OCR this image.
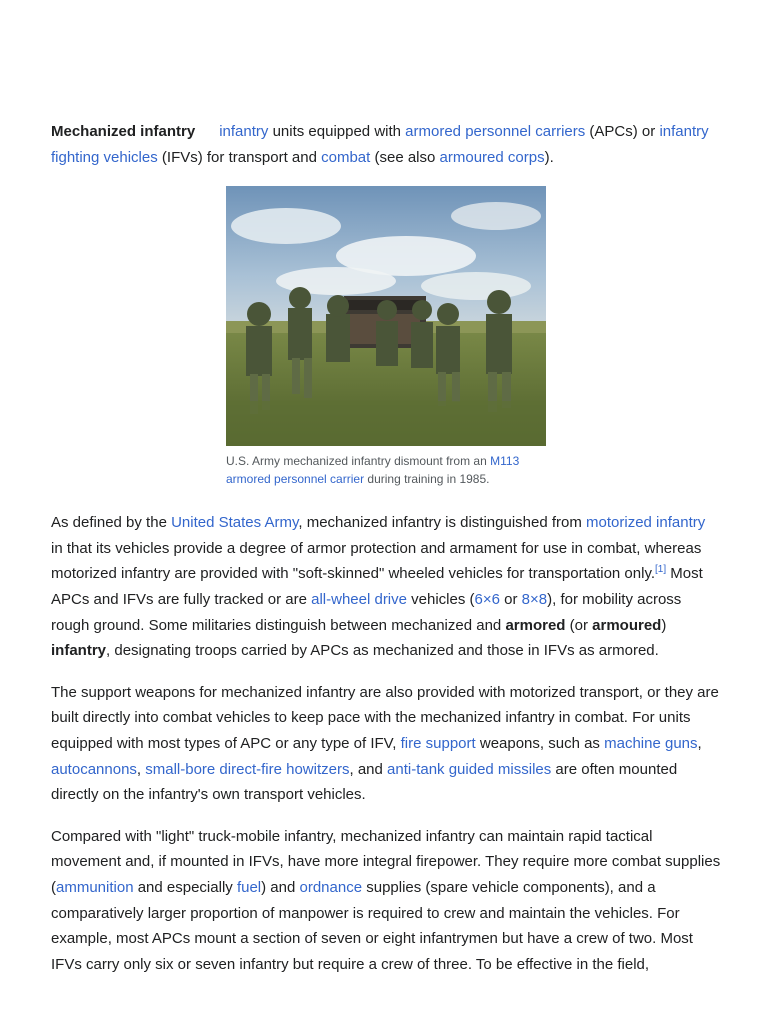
Mechanized infantry infantry units equipped with armored personnel carriers (APCs) or infantry fighting vehicles (IFVs) for transport and combat (see also armoured corps).

U.S. Army mechanized infantry dismount from an M113 armored personnel carrier during training in 1985.

As defined by the United States Army, mechanized infantry is distinguished from motorized infantry in that its vehicles provide a degree of armor protection and armament for use in combat, whereas motorized infantry are provided with "soft-skinned" wheeled vehicles for transportation only.[1] Most APCs and IFVs are fully tracked or are all-wheel drive vehicles (6×6 or 8×8), for mobility across rough ground. Some militaries distinguish between mechanized and armored (or armoured) infantry, designating troops carried by APCs as mechanized and those in IFVs as armored.

The support weapons for mechanized infantry are also provided with motorized transport, or they are built directly into combat vehicles to keep pace with the mechanized infantry in combat. For units equipped with most types of APC or any type of IFV, fire support weapons, such as machine guns, autocannons, small-bore direct-fire howitzers, and anti-tank guided missiles are often mounted directly on the infantry's own transport vehicles.

Compared with "light" truck-mobile infantry, mechanized infantry can maintain rapid tactical movement and, if mounted in IFVs, have more integral firepower. They require more combat supplies (ammunition and especially fuel) and ordnance supplies (spare vehicle components), and a comparatively larger proportion of manpower is required to crew and maintain the vehicles. For example, most APCs mount a section of seven or eight infantrymen but have a crew of two. Most IFVs carry only six or seven infantry but require a crew of three. To be effective in the field,
